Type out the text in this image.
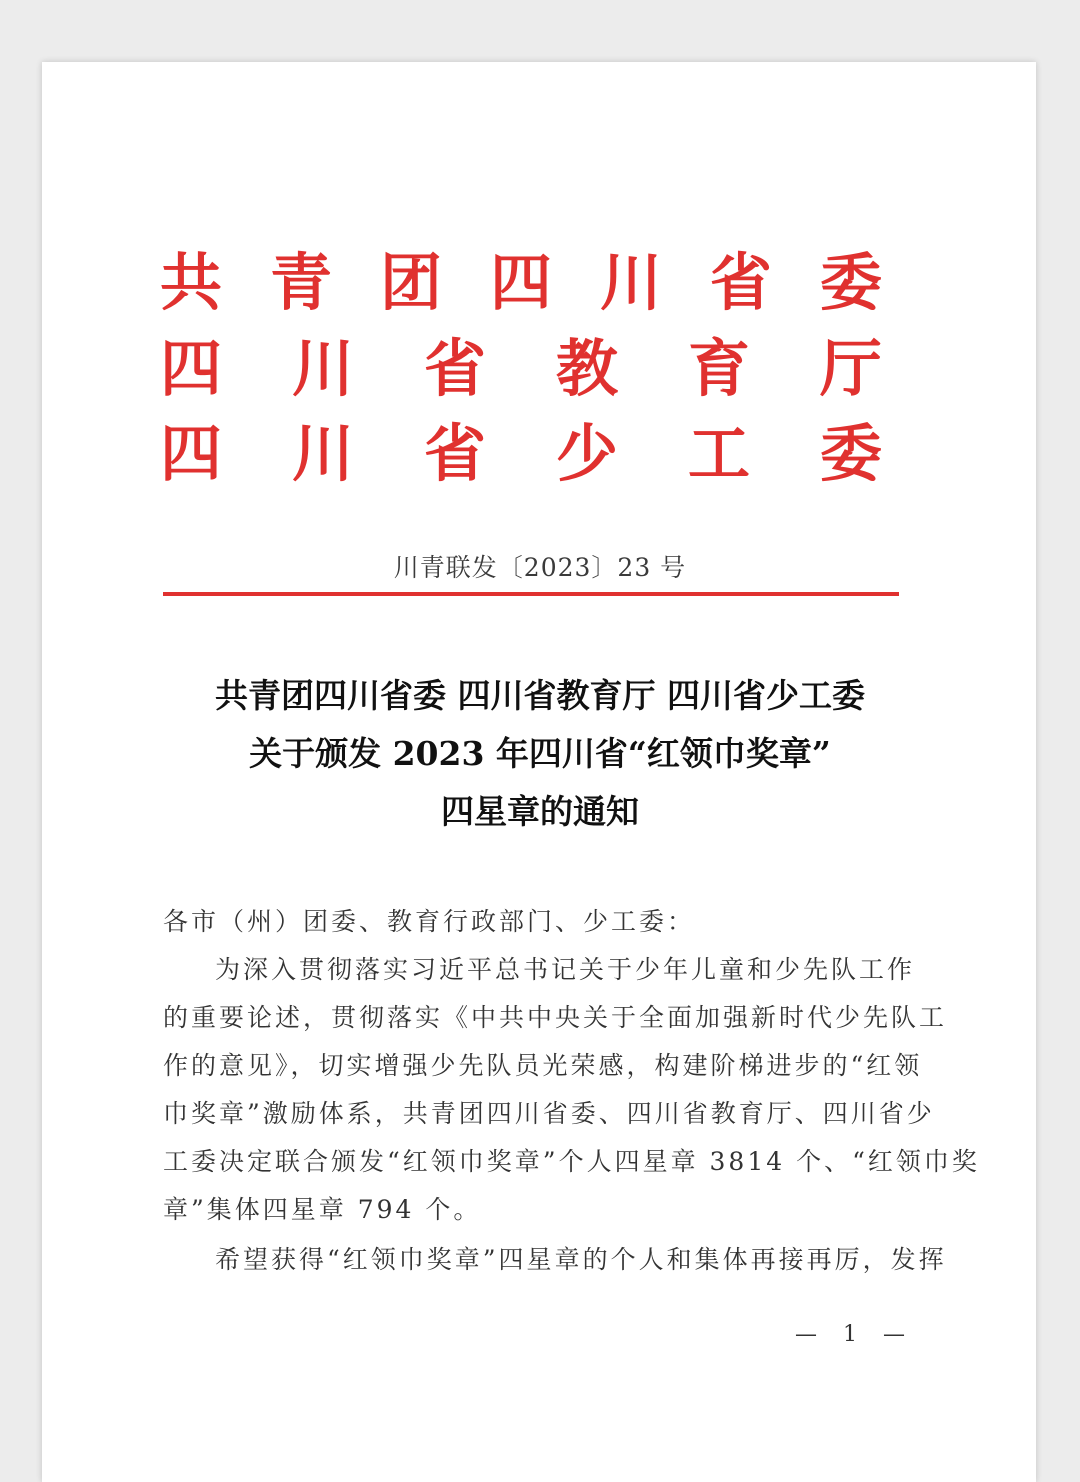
共 青 团 四 川 省 委
四 川 省 教 育 厅
四 川 省 少 工 委
川青联发〔2023〕23 号
共青团四川省委 四川省教育厅 四川省少工委
关于颁发 2023 年四川省“红领巾奖章”
四星章的通知
各市（州）团委、教育行政部门、少工委：
为深入贯彻落实习近平总书记关于少年儿童和少先队工作
的重要论述，贯彻落实《中共中央关于全面加强新时代少先队工
作的意见》，切实增强少先队员光荣感，构建阶梯进步的“红领
巾奖章”激励体系，共青团四川省委、四川省教育厅、四川省少
工委决定联合颁发“红领巾奖章”个人四星章 3814 个、“红领巾奖
章”集体四星章 794 个。
希望获得“红领巾奖章”四星章的个人和集体再接再厉，发挥
— 1 —
